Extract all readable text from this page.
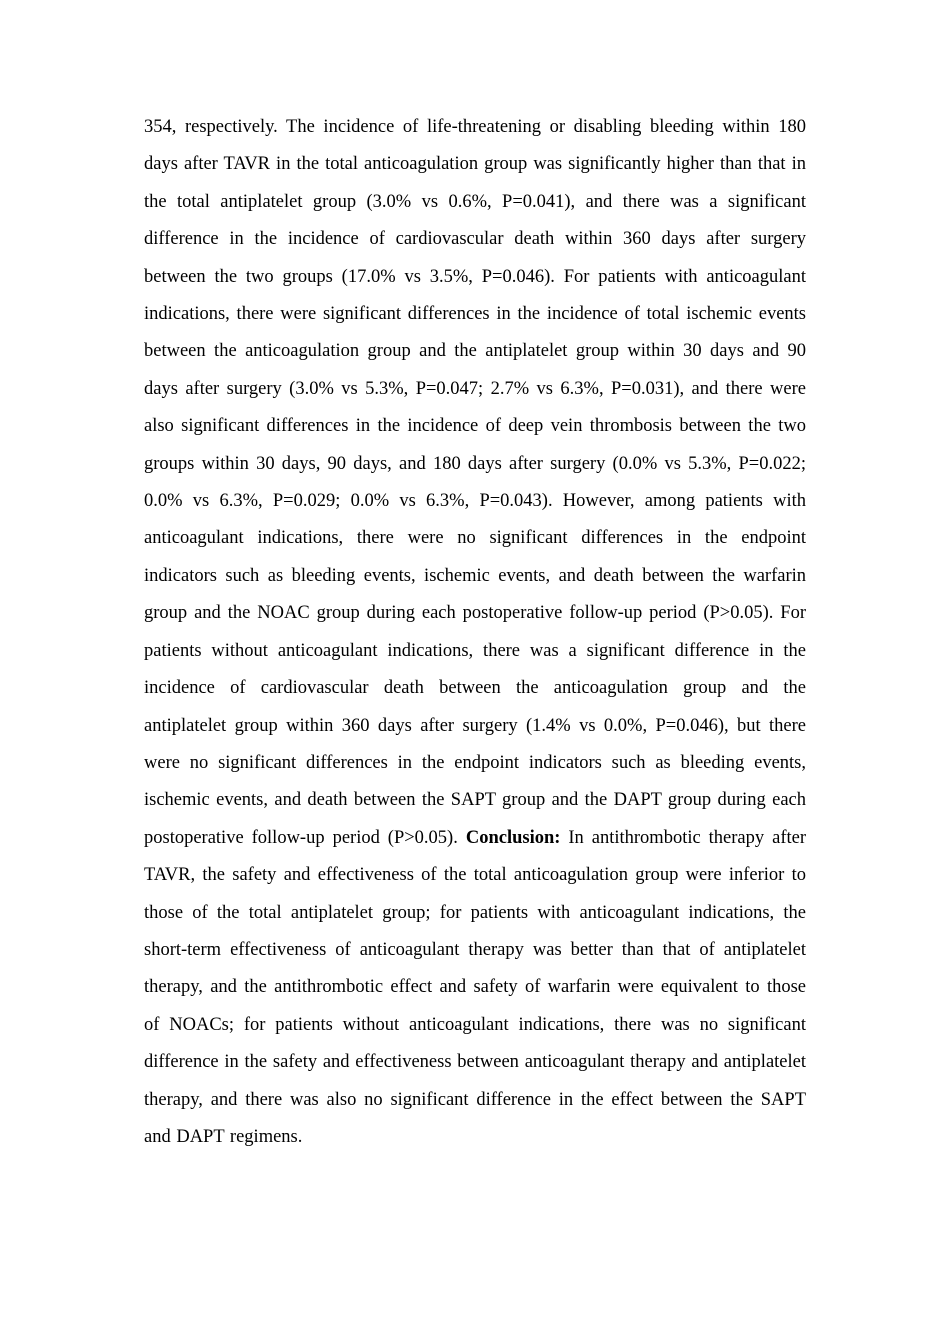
354, respectively. The incidence of life-threatening or disabling bleeding within 180 days after TAVR in the total anticoagulation group was significantly higher than that in the total antiplatelet group (3.0% vs 0.6%, P=0.041), and there was a significant difference in the incidence of cardiovascular death within 360 days after surgery between the two groups (17.0% vs 3.5%, P=0.046). For patients with anticoagulant indications, there were significant differences in the incidence of total ischemic events between the anticoagulation group and the antiplatelet group within 30 days and 90 days after surgery (3.0% vs 5.3%, P=0.047; 2.7% vs 6.3%, P=0.031), and there were also significant differences in the incidence of deep vein thrombosis between the two groups within 30 days, 90 days, and 180 days after surgery (0.0% vs 5.3%, P=0.022; 0.0% vs 6.3%, P=0.029; 0.0% vs 6.3%, P=0.043). However, among patients with anticoagulant indications, there were no significant differences in the endpoint indicators such as bleeding events, ischemic events, and death between the warfarin group and the NOAC group during each postoperative follow-up period (P>0.05). For patients without anticoagulant indications, there was a significant difference in the incidence of cardiovascular death between the anticoagulation group and the antiplatelet group within 360 days after surgery (1.4% vs 0.0%, P=0.046), but there were no significant differences in the endpoint indicators such as bleeding events, ischemic events, and death between the SAPT group and the DAPT group during each postoperative follow-up period (P>0.05). Conclusion: In antithrombotic therapy after TAVR, the safety and effectiveness of the total anticoagulation group were inferior to those of the total antiplatelet group; for patients with anticoagulant indications, the short-term effectiveness of anticoagulant therapy was better than that of antiplatelet therapy, and the antithrombotic effect and safety of warfarin were equivalent to those of NOACs; for patients without anticoagulant indications, there was no significant difference in the safety and effectiveness between anticoagulant therapy and antiplatelet therapy, and there was also no significant difference in the effect between the SAPT and DAPT regimens.
